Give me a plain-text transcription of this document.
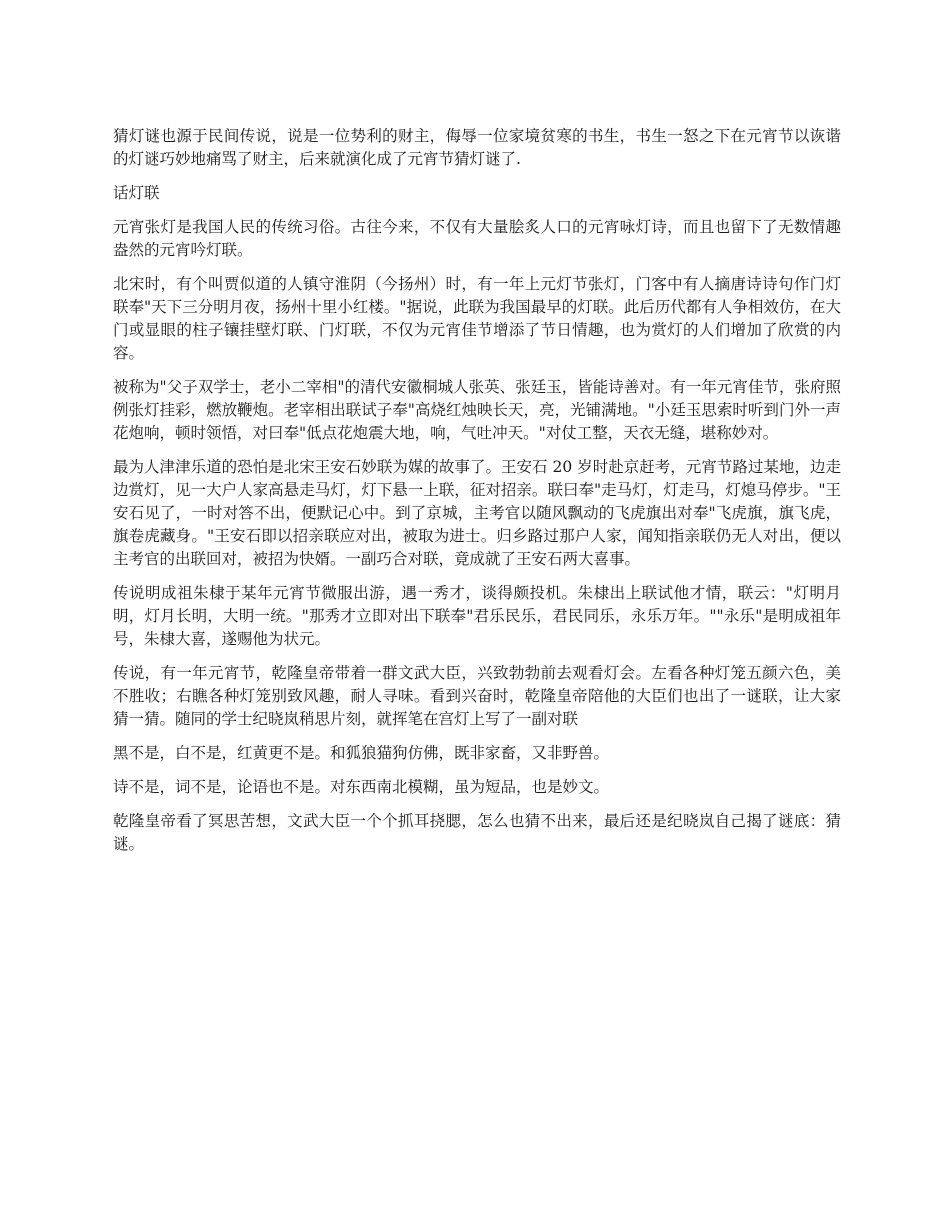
猜灯谜也源于民间传说，说是一位势利的财主，侮辱一位家境贫寒的书生，书生一怒之下在元宵节以诙谐的灯谜巧妙地痛骂了财主，后来就演化成了元宵节猜灯谜了.

话灯联

元宵张灯是我国人民的传统习俗。古往今来，不仅有大量脍炙人口的元宵咏灯诗，而且也留下了无数情趣盎然的元宵吟灯联。

北宋时，有个叫贾似道的人镇守淮阴（今扬州）时，有一年上元灯节张灯，门客中有人摘唐诗诗句作门灯联奉"天下三分明月夜，扬州十里小红楼。"据说，此联为我国最早的灯联。此后历代都有人争相效仿，在大门或显眼的柱子镶挂壁灯联、门灯联，不仅为元宵佳节增添了节日情趣，也为赏灯的人们增加了欣赏的内容。

被称为"父子双学士，老小二宰相"的清代安徽桐城人张英、张廷玉，皆能诗善对。有一年元宵佳节，张府照例张灯挂彩，燃放鞭炮。老宰相出联试子奉"高烧红烛映长天，亮，光铺满地。"小廷玉思索时听到门外一声花炮响，顿时领悟，对曰奉"低点花炮震大地，响，气吐冲天。"对仗工整，天衣无缝，堪称妙对。

最为人津津乐道的恐怕是北宋王安石妙联为媒的故事了。王安石 20 岁时赴京赶考，元宵节路过某地，边走边赏灯，见一大户人家高悬走马灯，灯下悬一上联，征对招亲。联曰奉"走马灯，灯走马，灯熄马停步。"王安石见了，一时对答不出，便默记心中。到了京城，主考官以随风飘动的飞虎旗出对奉"飞虎旗，旗飞虎，旗卷虎藏身。"王安石即以招亲联应对出，被取为进士。归乡路过那户人家，闻知指亲联仍无人对出，便以主考官的出联回对，被招为快婿。一副巧合对联，竟成就了王安石两大喜事。

传说明成祖朱棣于某年元宵节微服出游，遇一秀才，谈得颇投机。朱棣出上联试他才情，联云："灯明月明，灯月长明，大明一统。"那秀才立即对出下联奉"君乐民乐，君民同乐，永乐万年。""永乐"是明成祖年号，朱棣大喜，遂赐他为状元。

传说，有一年元宵节，乾隆皇帝带着一群文武大臣，兴致勃勃前去观看灯会。左看各种灯笼五颜六色，美不胜收；右瞧各种灯笼别致风趣，耐人寻味。看到兴奋时，乾隆皇帝陪他的大臣们也出了一谜联，让大家猜一猜。随同的学士纪晓岚稍思片刻，就挥笔在宫灯上写了一副对联

黑不是，白不是，红黄更不是。和狐狼猫狗仿佛，既非家畜，又非野兽。

诗不是，词不是，论语也不是。对东西南北模糊，虽为短品，也是妙文。

乾隆皇帝看了冥思苦想，文武大臣一个个抓耳挠腮，怎么也猜不出来，最后还是纪晓岚自己揭了谜底：猜谜。
